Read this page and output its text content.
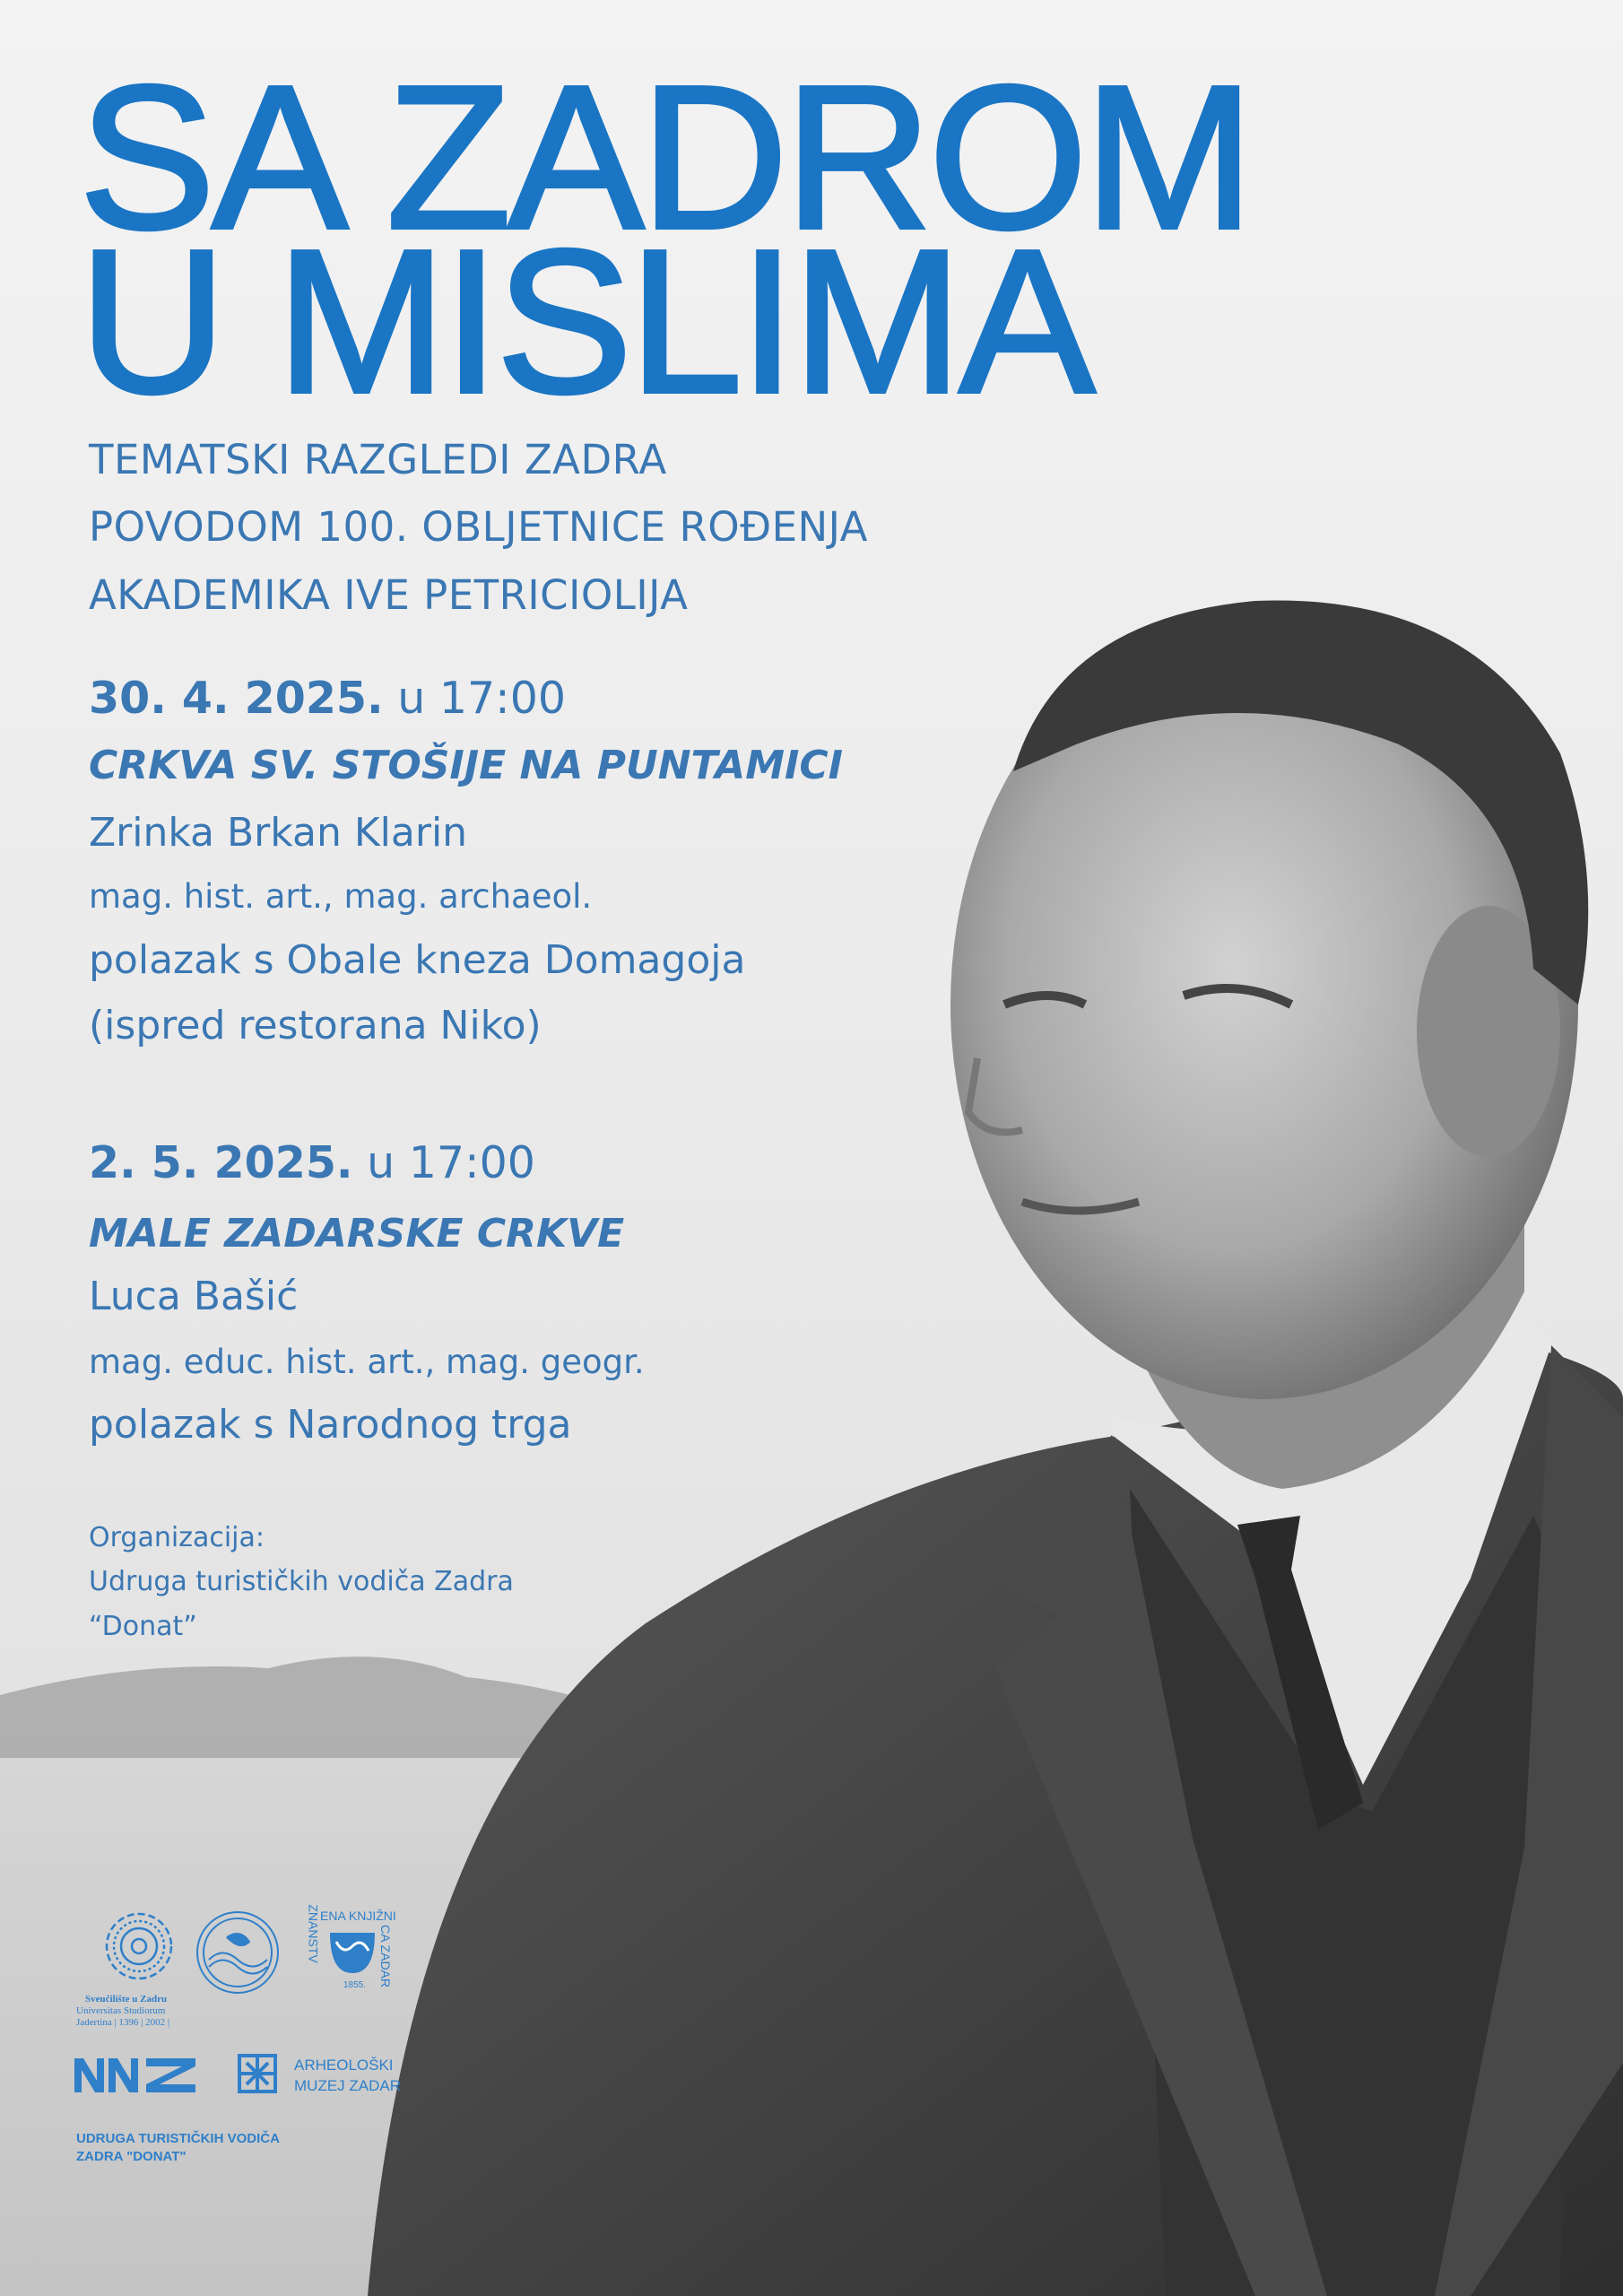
SA ZADROM
U MISLIMA
TEMATSKI RAZGLEDI ZADRA
POVODOM 100. OBLJETNICE ROĐENJA
AKADEMIKA IVE PETRICIOLIJA
30. 4. 2025. u 17:00
CRKVA SV. STOŠIJE NA PUNTAMICI
Zrinka Brkan Klarin
mag. hist. art., mag. archaeol.
polazak s Obale kneza Domagoja
(ispred restorana Niko)
2. 5. 2025. u 17:00
MALE ZADARSKE CRKVE
Luca Bašić
mag. educ. hist. art., mag. geogr.
polazak s Narodnog trga
Organizacija:
Udruga turističkih vodiča Zadra
“Donat”
Sveučilište u Zadru
Universitas Studiorum
Jadertina | 1396 | 2002 |
ENA KNJIŽNI
ZNANSTV	CA ZADAR
1855.
ARHEOLOŠKI
MUZEJ ZADAR
UDRUGA TURISTIČKIH VODIČA
ZADRA "DONAT"
